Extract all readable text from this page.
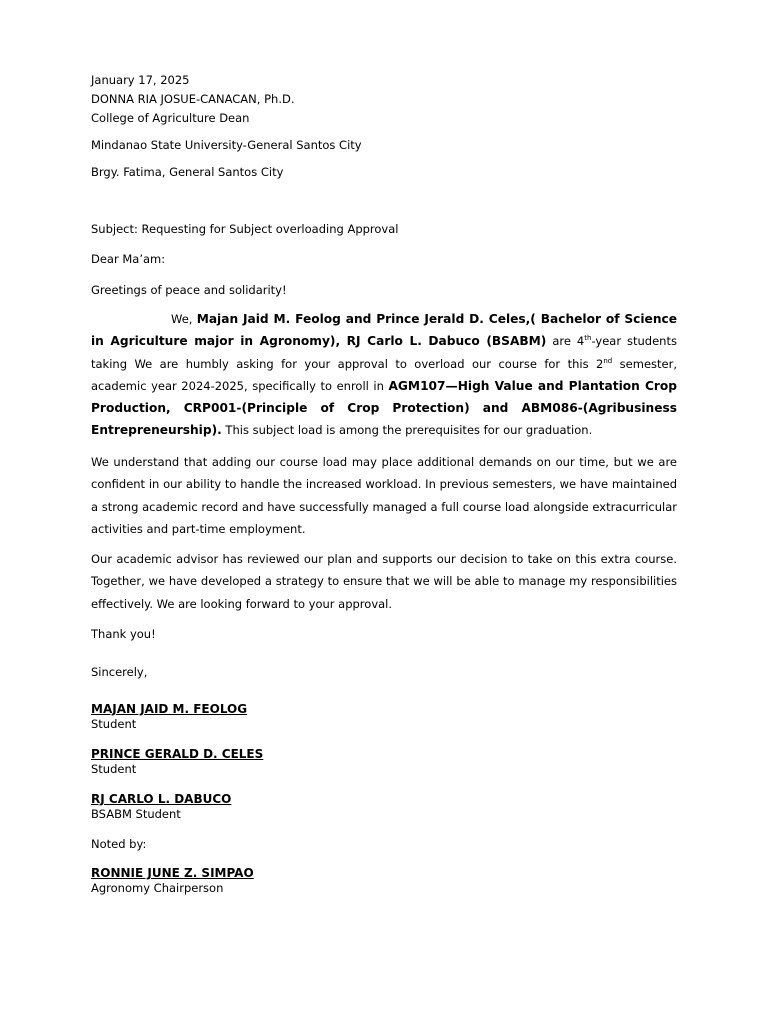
January 17, 2025
DONNA RIA JOSUE-CANACAN, Ph.D.
College of Agriculture Dean
Mindanao State University-General Santos City
Brgy. Fatima, General Santos City
Subject: Requesting for Subject overloading Approval
Dear Ma’am:
Greetings of peace and solidarity!
We, Majan Jaid M. Feolog and Prince Jerald D. Celes,( Bachelor of Science in Agriculture major in Agronomy), RJ Carlo L. Dabuco (BSABM) are 4th-year students taking We are humbly asking for your approval to overload our course for this 2nd semester, academic year 2024-2025, specifically to enroll in AGM107—High Value and Plantation Crop Production, CRP001-(Principle of Crop Protection) and ABM086-(Agribusiness Entrepreneurship). This subject load is among the prerequisites for our graduation.
We understand that adding our course load may place additional demands on our time, but we are confident in our ability to handle the increased workload. In previous semesters, we have maintained a strong academic record and have successfully managed a full course load alongside extracurricular activities and part-time employment.
Our academic advisor has reviewed our plan and supports our decision to take on this extra course. Together, we have developed a strategy to ensure that we will be able to manage my responsibilities effectively. We are looking forward to your approval.
Thank you!
Sincerely,
MAJAN JAID M. FEOLOG
Student
PRINCE GERALD D. CELES
Student
RJ CARLO L. DABUCO
BSABM Student
Noted by:
RONNIE JUNE Z. SIMPAO
Agronomy Chairperson
